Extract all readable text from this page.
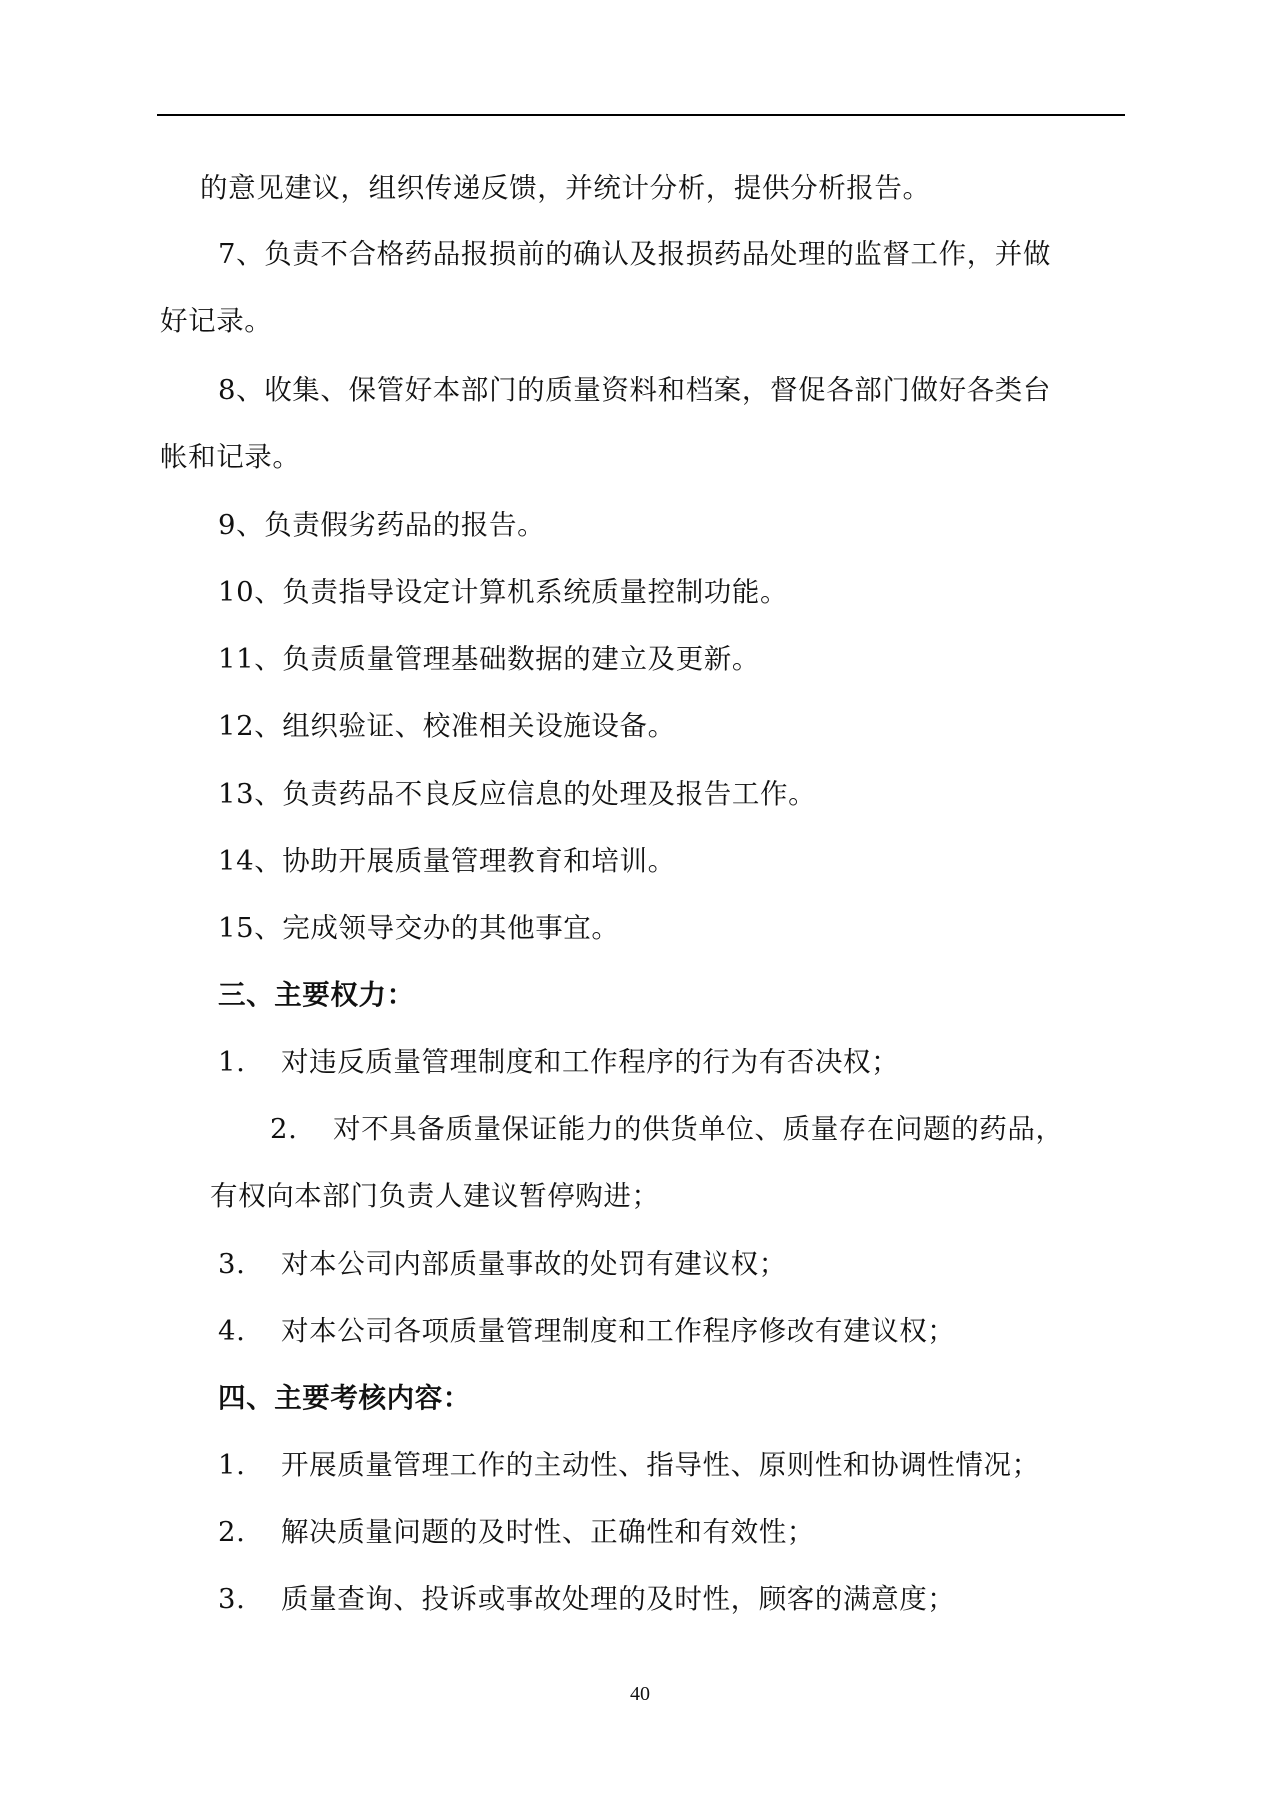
的意见建议，组织传递反馈，并统计分析，提供分析报告。
7、负责不合格药品报损前的确认及报损药品处理的监督工作，并做
好记录。
8、收集、保管好本部门的质量资料和档案，督促各部门做好各类台
帐和记录。
9、负责假劣药品的报告。
10、负责指导设定计算机系统质量控制功能。
11、负责质量管理基础数据的建立及更新。
12、组织验证、校准相关设施设备。
13、负责药品不良反应信息的处理及报告工作。
14、协助开展质量管理教育和培训。
15、完成领导交办的其他事宜。
三、主要权力：
1. 对违反质量管理制度和工作程序的行为有否决权；
2. 对不具备质量保证能力的供货单位、质量存在问题的药品，
有权向本部门负责人建议暂停购进；
3. 对本公司内部质量事故的处罚有建议权；
4. 对本公司各项质量管理制度和工作程序修改有建议权；
四、主要考核内容：
1. 开展质量管理工作的主动性、指导性、原则性和协调性情况；
2. 解决质量问题的及时性、正确性和有效性；
3. 质量查询、投诉或事故处理的及时性，顾客的满意度；
40
